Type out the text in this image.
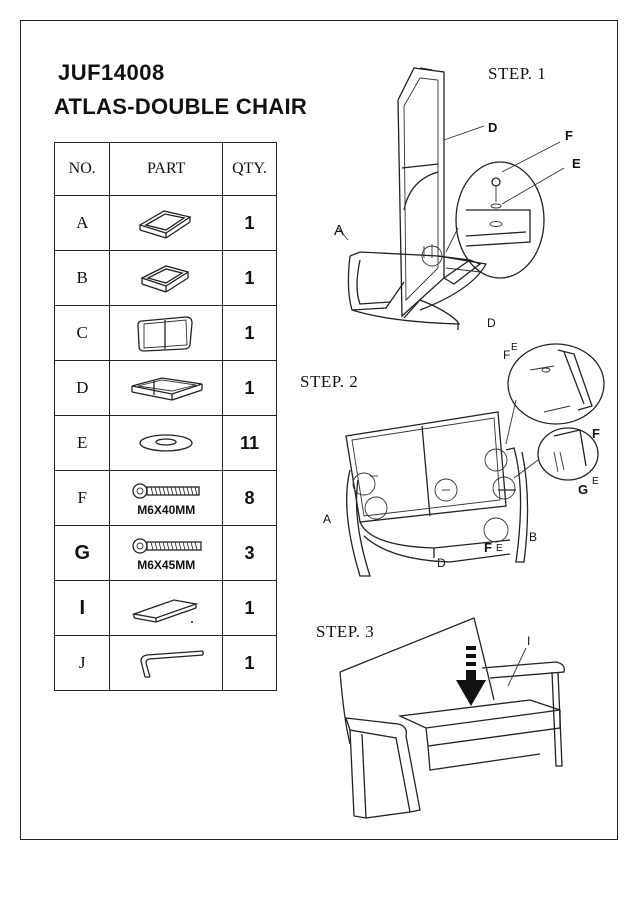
JUF14008
ATLAS-DOUBLE CHAIR
NO.	PART	QTY.
A		1
B		1
C		1
D		1
E		11
F	M6X40MM	8
G	M6X45MM	3
I		1
J		1
STEP. 1
D
F
E
A
D
STEP. 2
F
E
F
G
E
A
D
F E
B
STEP. 3	I
